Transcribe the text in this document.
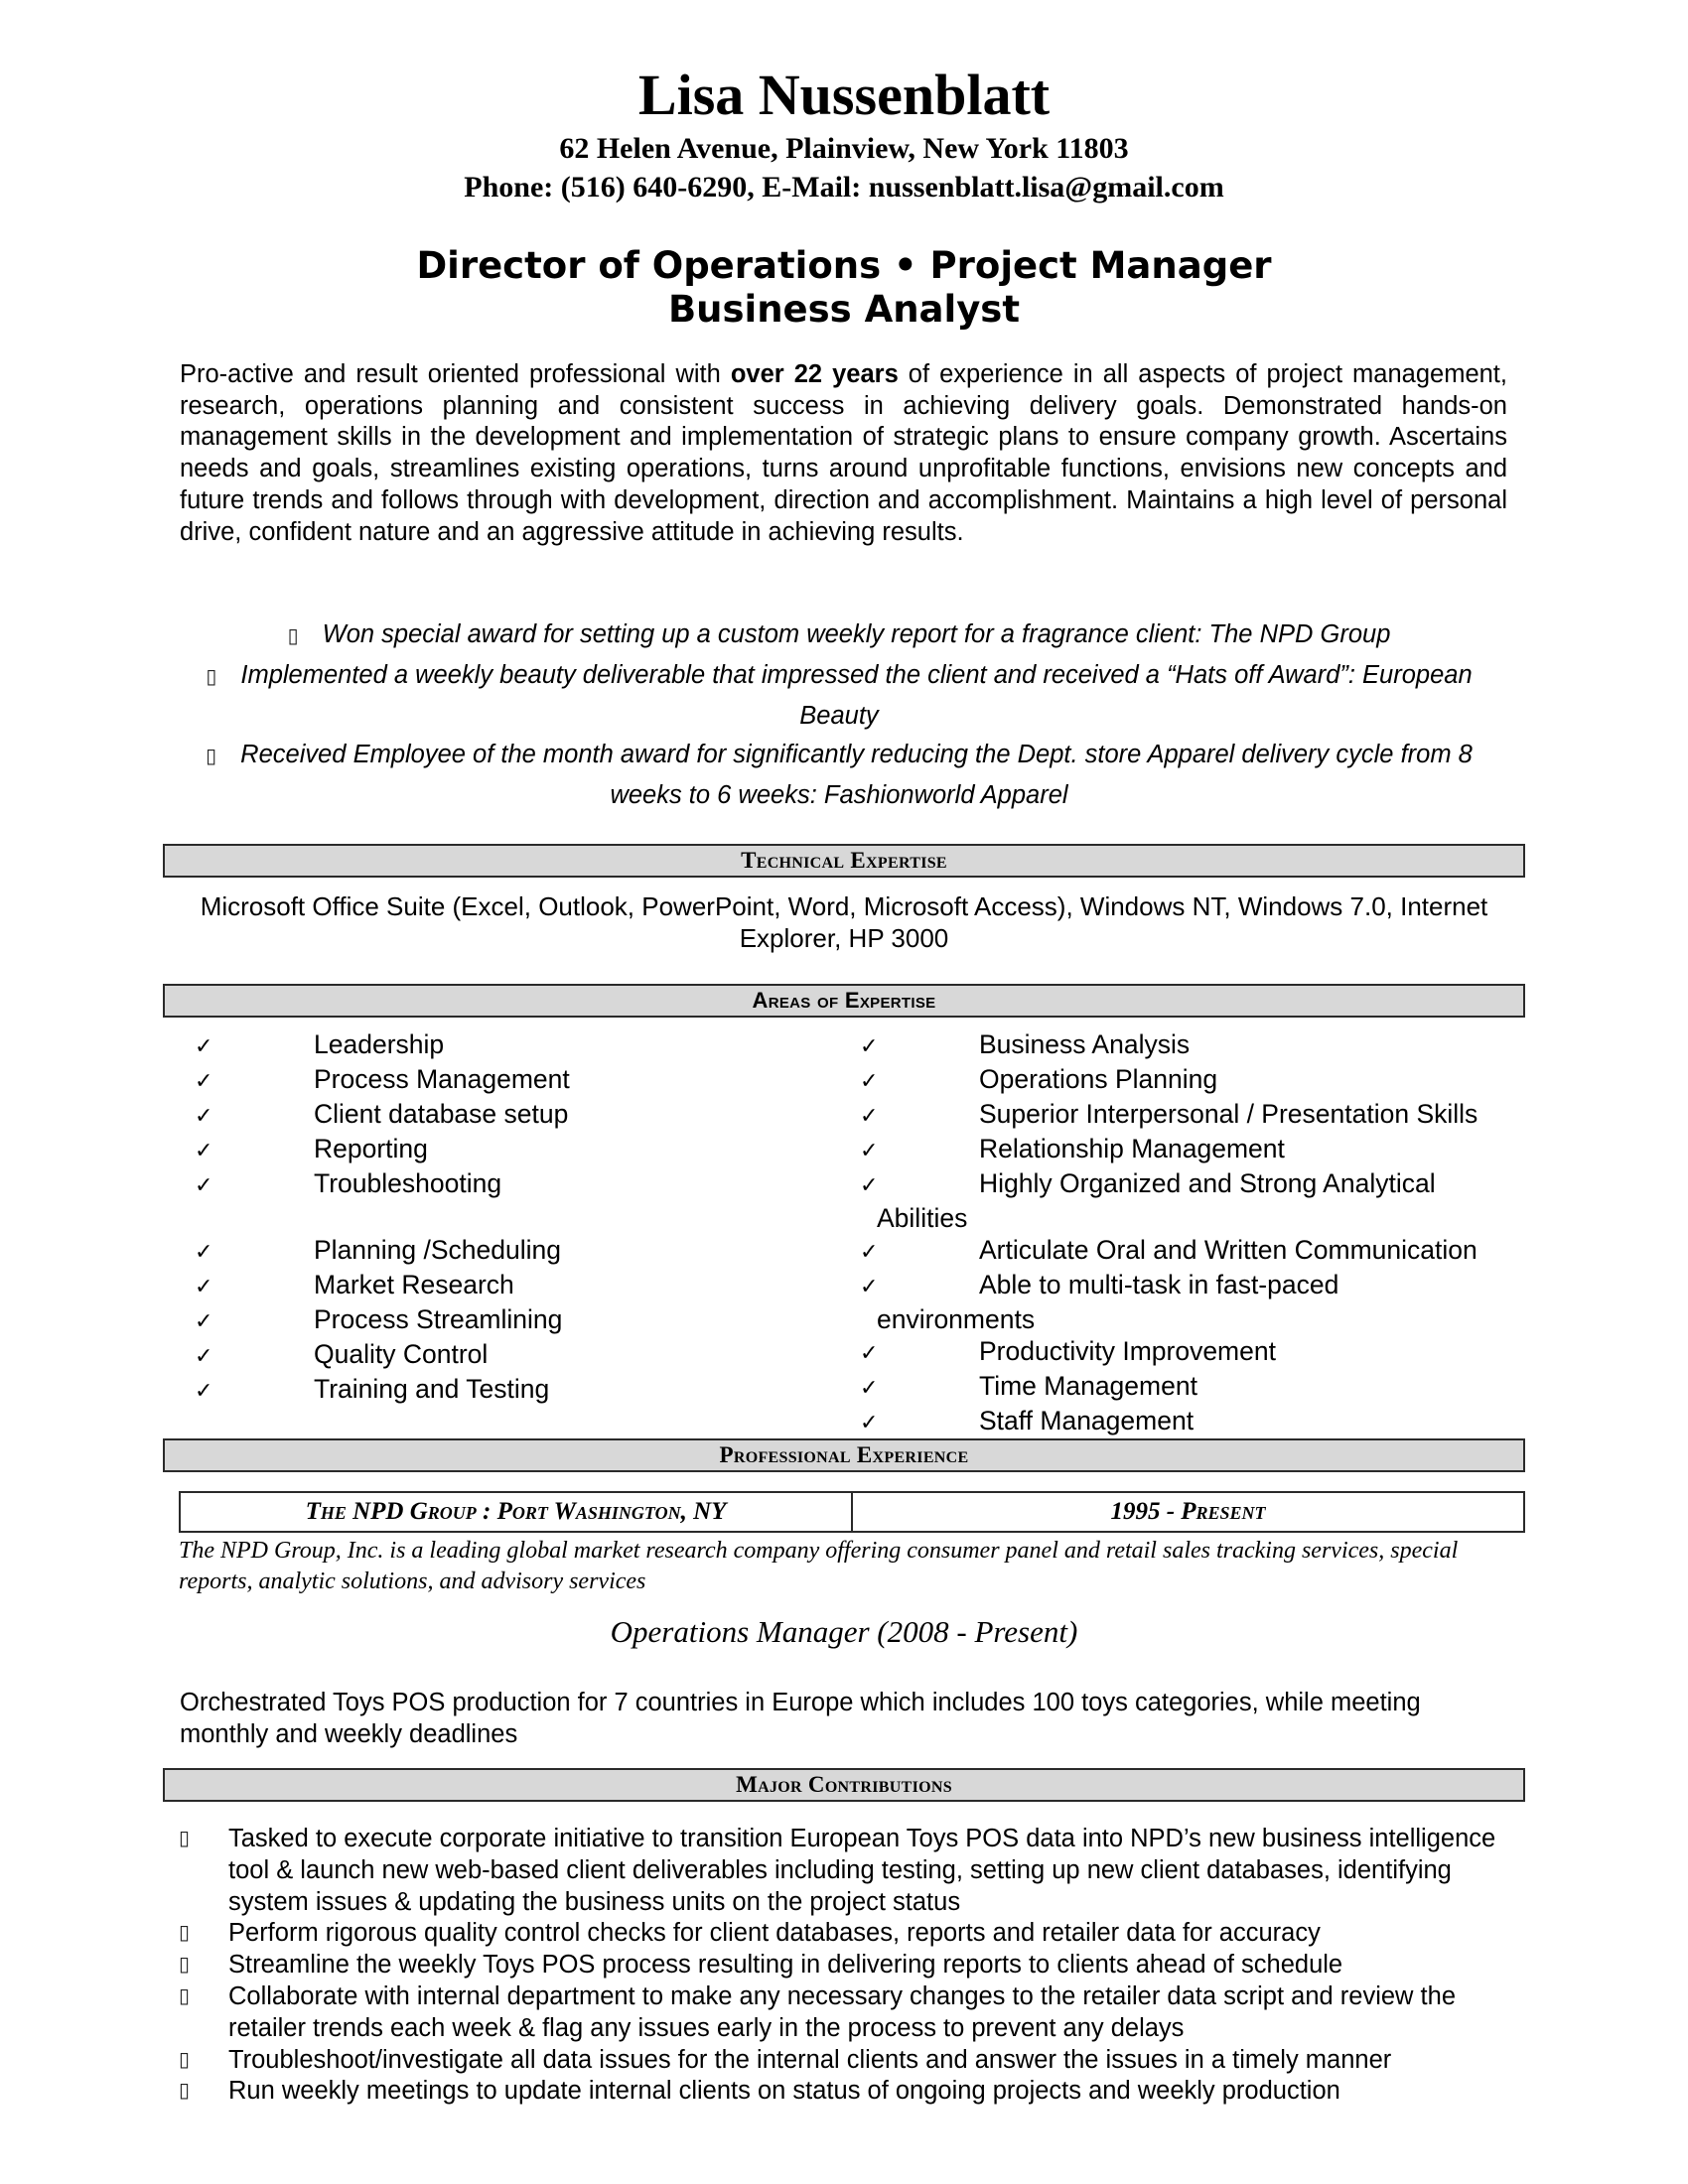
Lisa Nussenblatt
62 Helen Avenue, Plainview, New York 11803
Phone: (516) 640-6290, E-Mail: nussenblatt.lisa@gmail.com
Director of Operations • Project Manager
Business Analyst
Pro-active and result oriented professional with over 22 years of experience in all aspects of project management, research, operations planning and consistent success in achieving delivery goals. Demonstrated hands-on management skills in the development and implementation of strategic plans to ensure company growth. Ascertains needs and goals, streamlines existing operations, turns around unprofitable functions, envisions new concepts and future trends and follows through with development, direction and accomplishment. Maintains a high level of personal drive, confident nature and an aggressive attitude in achieving results.
▯ Won special award for setting up a custom weekly report for a fragrance client: The NPD Group
▯ Implemented a weekly beauty deliverable that impressed the client and received a “Hats off Award”: European Beauty
▯ Received Employee of the month award for significantly reducing the Dept. store Apparel delivery cycle from 8 weeks to 6 weeks: Fashionworld Apparel
Technical Expertise
Microsoft Office Suite (Excel, Outlook, PowerPoint, Word, Microsoft Access), Windows NT, Windows 7.0, Internet Explorer, HP 3000
Areas of Expertise
✓	Leadership
✓	Process Management
✓	Client database setup
✓	Reporting
✓	Troubleshooting
✓	Planning /Scheduling
✓	Market Research
✓	Process Streamlining
✓	Quality Control
✓	Training and Testing
✓	Business Analysis
✓	Operations Planning
✓	Superior Interpersonal / Presentation Skills
✓	Relationship Management
✓	Highly Organized and Strong Analytical
Abilities
✓	Articulate Oral and Written Communication
✓	Able to multi-task in fast-paced
environments
✓	Productivity Improvement
✓	Time Management
✓	Staff Management
Professional Experience
The NPD Group : Port Washington, NY	1995 - Present
The NPD Group, Inc. is a leading global market research company offering consumer panel and retail sales tracking services, special reports, analytic solutions, and advisory services
Operations Manager (2008 - Present)
Orchestrated Toys POS production for 7 countries in Europe which includes 100 toys categories, while meeting monthly and weekly deadlines
Major Contributions
▯ Tasked to execute corporate initiative to transition European Toys POS data into NPD’s new business intelligence tool & launch new web-based client deliverables including testing, setting up new client databases, identifying system issues & updating the business units on the project status
▯ Perform rigorous quality control checks for client databases, reports and retailer data for accuracy
▯ Streamline the weekly Toys POS process resulting in delivering reports to clients ahead of schedule
▯ Collaborate with internal department to make any necessary changes to the retailer data script and review the retailer trends each week & flag any issues early in the process to prevent any delays
▯ Troubleshoot/investigate all data issues for the internal clients and answer the issues in a timely manner
▯ Run weekly meetings to update internal clients on status of ongoing projects and weekly production
